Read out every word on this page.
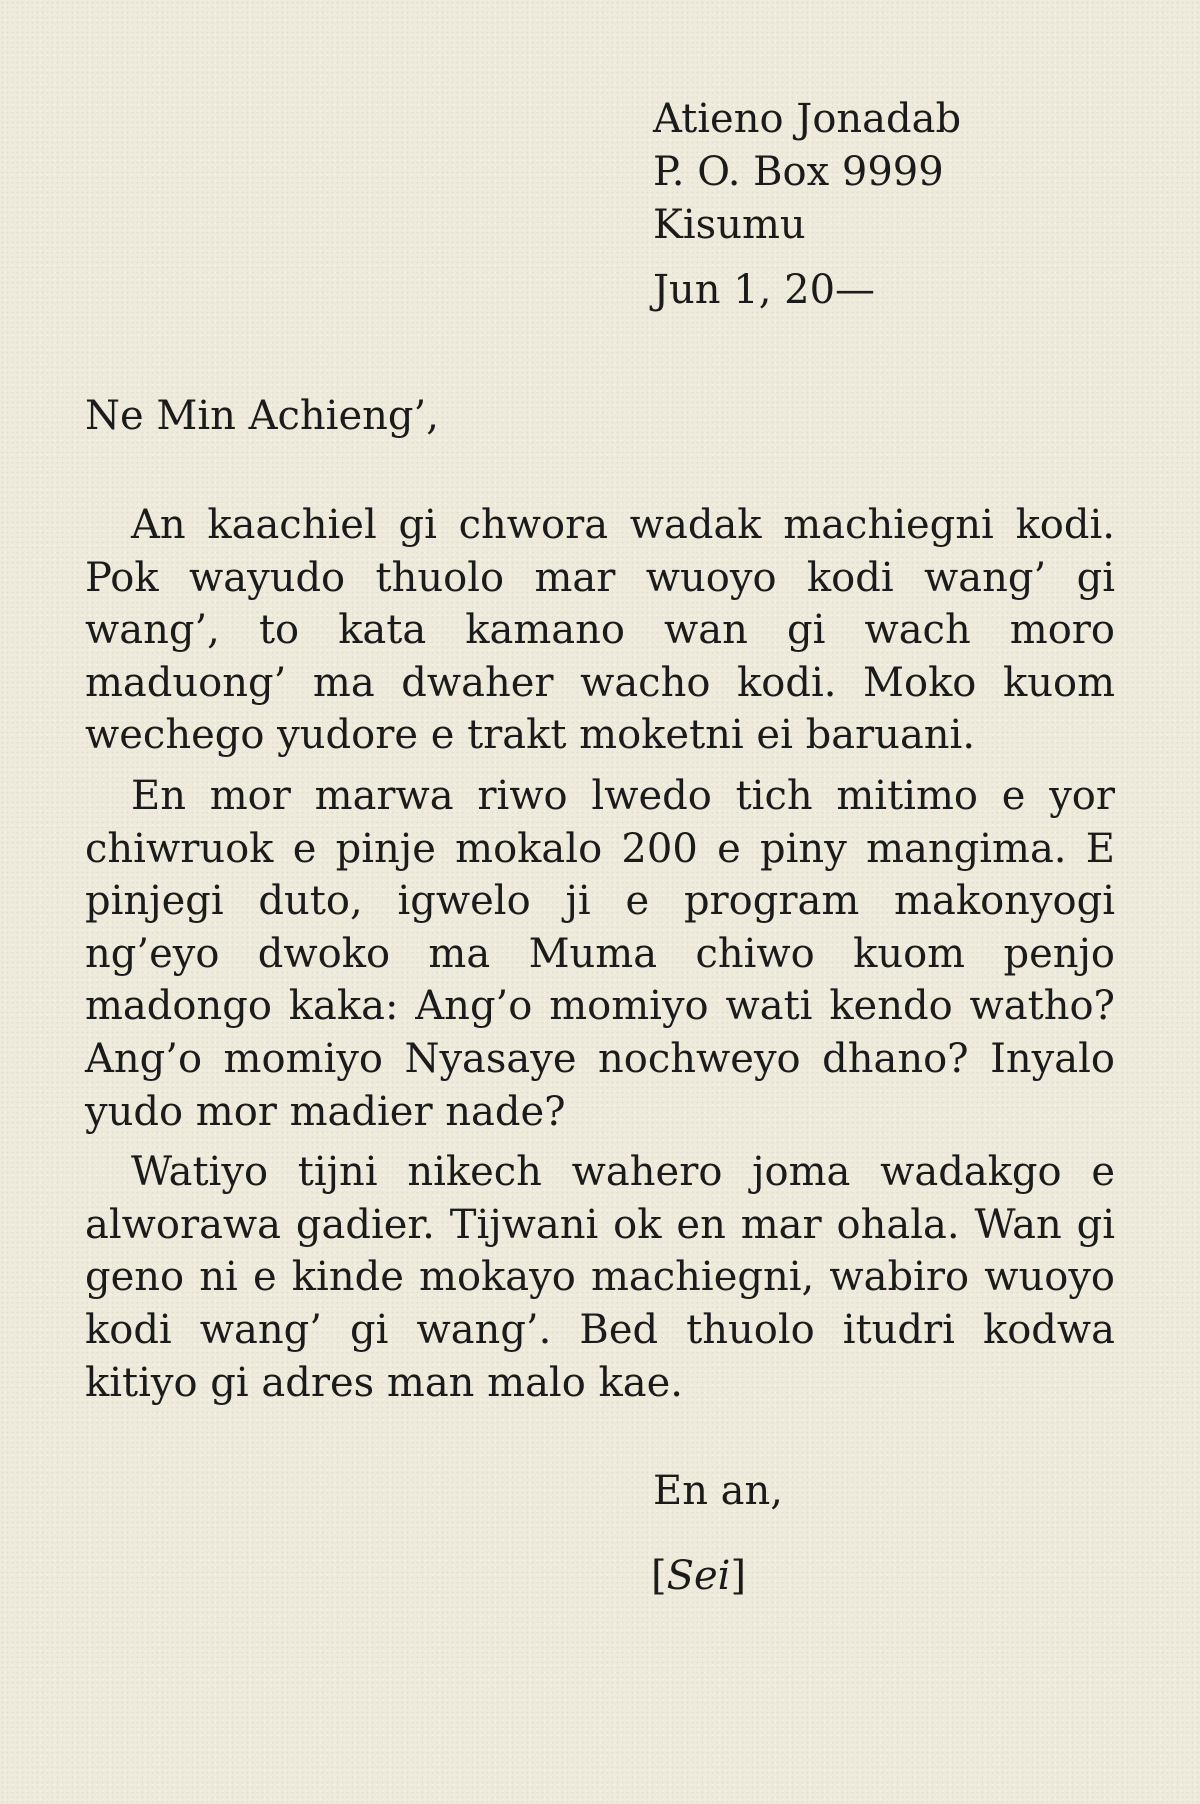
Atieno Jonadab
P. O. Box 9999
Kisumu
Jun 1, 20—
Ne Min Achieng’,

An kaachiel gi chwora wadak machiegni kodi. Pok wayudo thuolo mar wuoyo kodi wang’ gi wang’, to kata kamano wan gi wach moro maduong’ ma dwaher wacho kodi. Moko kuom wechego yudore e trakt moketni ei baruani.

En mor marwa riwo lwedo tich mitimo e yor chiwruok e pinje mokalo 200 e piny mangima. E pinjegi duto, igwelo ji e program makonyogi ng’eyo dwoko ma Muma chiwo kuom penjo madongo kaka: Ang’o momiyo wati kendo watho? Ang’o momiyo Nyasaye nochweyo dhano? Inyalo yudo mor madier nade?

Watiyo tijni nikech wahero joma wadakgo e alworawa gadier. Tijwani ok en mar ohala. Wan gi geno ni e kinde mokayo machiegni, wabiro wuoyo kodi wang’ gi wang’. Bed thuolo itudri kodwa kitiyo gi adres man malo kae.

En an,
[Sei]
